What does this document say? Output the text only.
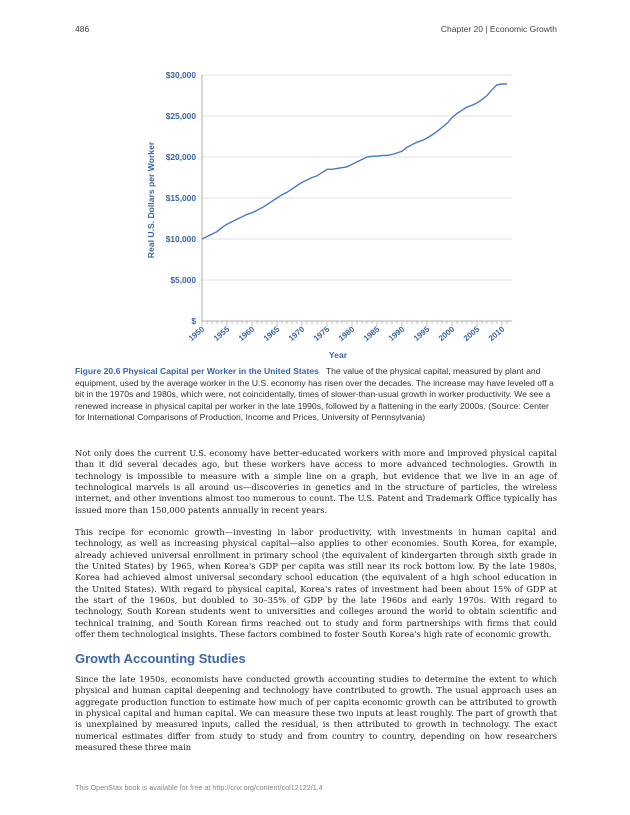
486	Chapter 20 | Economic Growth
$
$5,000
$10,000
$15,000
$20,000
$25,000
$30,000
1950 1955 1960 1965 1970 1975 1980 1985 1990 1995 2000 2005 2010
Real U.S. Dollars per Worker
Year
Figure 20.6 Physical Capital per Worker in the United States The value of the physical capital, measured by plant and equipment, used by the average worker in the U.S. economy has risen over the decades. The increase may have leveled off a bit in the 1970s and 1980s, which were, not coincidentally, times of slower-than-usual growth in worker productivity. We see a renewed increase in physical capital per worker in the late 1990s, followed by a flattening in the early 2000s. (Source: Center for International Comparisons of Production, Income and Prices, University of Pennsylvania)

Not only does the current U.S. economy have better-educated workers with more and improved physical capital than it did several decades ago, but these workers have access to more advanced technologies. Growth in technology is impossible to measure with a simple line on a graph, but evidence that we live in an age of technological marvels is all around us—discoveries in genetics and in the structure of particles, the wireless internet, and other inventions almost too numerous to count. The U.S. Patent and Trademark Office typically has issued more than 150,000 patents annually in recent years.

This recipe for economic growth—investing in labor productivity, with investments in human capital and technology, as well as increasing physical capital—also applies to other economies. South Korea, for example, already achieved universal enrollment in primary school (the equivalent of kindergarten through sixth grade in the United States) by 1965, when Korea's GDP per capita was still near its rock bottom low. By the late 1980s, Korea had achieved almost universal secondary school education (the equivalent of a high school education in the United States). With regard to physical capital, Korea's rates of investment had been about 15% of GDP at the start of the 1960s, but doubled to 30–35% of GDP by the late 1960s and early 1970s. With regard to technology, South Korean students went to universities and colleges around the world to obtain scientific and technical training, and South Korean firms reached out to study and form partnerships with firms that could offer them technological insights. These factors combined to foster South Korea's high rate of economic growth.

Growth Accounting Studies

Since the late 1950s, economists have conducted growth accounting studies to determine the extent to which physical and human capital deepening and technology have contributed to growth. The usual approach uses an aggregate production function to estimate how much of per capita economic growth can be attributed to growth in physical capital and human capital. We can measure these two inputs at least roughly. The part of growth that is unexplained by measured inputs, called the residual, is then attributed to growth in technology. The exact numerical estimates differ from study to study and from country to country, depending on how researchers measured these three main

This OpenStax book is available for free at http://cnx.org/content/col12122/1.4
